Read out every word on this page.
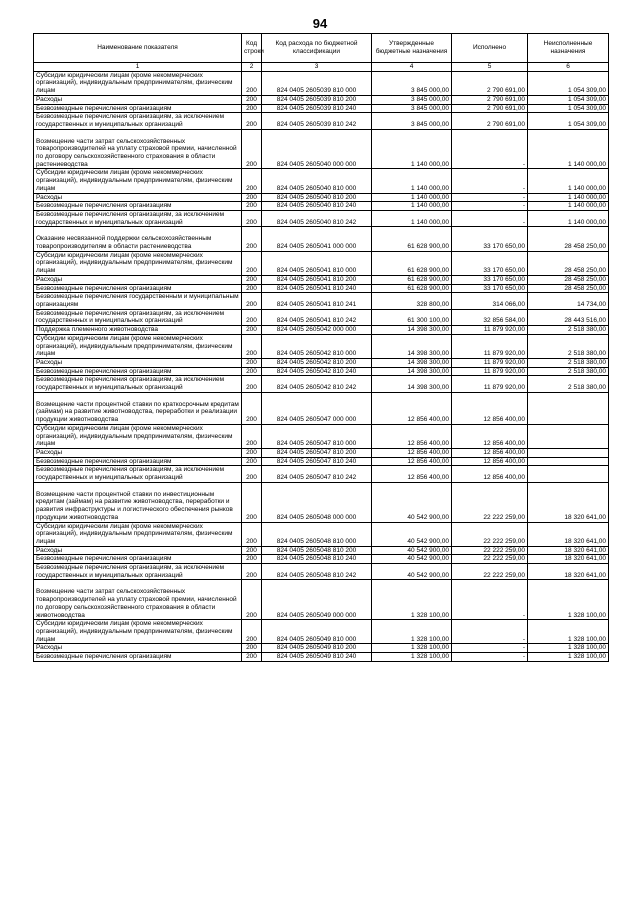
94
Наименование показателя	Код строки	Код расхода по бюджетной классификации	Утвержденные бюджетные назначения	Исполнено	Неисполненные назначения
1	2	3	4	5	6
Субсидии юридическим лицам (кроме некоммерческих организаций), индивидуальным предпринимателям, физическим лицам	200	824 0405 2605039 810 000	3 845 000,00	2 790 691,00	1 054 309,00
Расходы	200	824 0405 2605039 810 200	3 845 000,00	2 790 691,00	1 054 309,00
Безвозмездные перечисления организациям	200	824 0405 2605039 810 240	3 845 000,00	2 790 691,00	1 054 309,00
Безвозмездные перечисления организациям, за исключением государственных и муниципальных организаций	200	824 0405 2605039 810 242	3 845 000,00	2 790 691,00	1 054 309,00
Возмещение части затрат сельскохозяйственных товаропроизводителей на уплату страховой премии, начисленной по договору сельскохозяйственного страхования в области растениеводства	200	824 0405 2605040 000 000	1 140 000,00	-	1 140 000,00
Субсидии юридическим лицам (кроме некоммерческих организаций), индивидуальным предпринимателям, физическим лицам	200	824 0405 2605040 810 000	1 140 000,00	-	1 140 000,00
Расходы	200	824 0405 2605040 810 200	1 140 000,00	-	1 140 000,00
Безвозмездные перечисления организациям	200	824 0405 2605040 810 240	1 140 000,00	-	1 140 000,00
Безвозмездные перечисления организациям, за исключением государственных и муниципальных организаций	200	824 0405 2605040 810 242	1 140 000,00	-	1 140 000,00
Оказание несвязанной поддержки сельскохозяйственным товаропроизводителям в области растениеводства	200	824 0405 2605041 000 000	61 628 900,00	33 170 650,00	28 458 250,00
Субсидии юридическим лицам (кроме некоммерческих организаций), индивидуальным предпринимателям, физическим лицам	200	824 0405 2605041 810 000	61 628 900,00	33 170 650,00	28 458 250,00
Расходы	200	824 0405 2605041 810 200	61 628 900,00	33 170 650,00	28 458 250,00
Безвозмездные перечисления организациям	200	824 0405 2605041 810 240	61 628 900,00	33 170 650,00	28 458 250,00
Безвозмездные перечисления государственным и муниципальным организациям	200	824 0405 2605041 810 241	328 800,00	314 066,00	14 734,00
Безвозмездные перечисления организациям, за исключением государственных и муниципальных организаций	200	824 0405 2605041 810 242	61 300 100,00	32 856 584,00	28 443 516,00
Поддержка племенного животноводства	200	824 0405 2605042 000 000	14 398 300,00	11 879 920,00	2 518 380,00
Субсидии юридическим лицам (кроме некоммерческих организаций), индивидуальным предпринимателям, физическим лицам	200	824 0405 2605042 810 000	14 398 300,00	11 879 920,00	2 518 380,00
Расходы	200	824 0405 2605042 810 200	14 398 300,00	11 879 920,00	2 518 380,00
Безвозмездные перечисления организациям	200	824 0405 2605042 810 240	14 398 300,00	11 879 920,00	2 518 380,00
Безвозмездные перечисления организациям, за исключением государственных и муниципальных организаций	200	824 0405 2605042 810 242	14 398 300,00	11 879 920,00	2 518 380,00
Возмещение части процентной ставки по краткосрочным кредитам (займам) на развитие животноводства, переработки и реализации продукции животноводства	200	824 0405 2605047 000 000	12 856 400,00	12 856 400,00	
Субсидии юридическим лицам (кроме некоммерческих организаций), индивидуальным предпринимателям, физическим лицам	200	824 0405 2605047 810 000	12 856 400,00	12 856 400,00	
Расходы	200	824 0405 2605047 810 200	12 856 400,00	12 856 400,00	
Безвозмездные перечисления организациям	200	824 0405 2605047 810 240	12 856 400,00	12 856 400,00	
Безвозмездные перечисления организациям, за исключением государственных и муниципальных организаций	200	824 0405 2605047 810 242	12 856 400,00	12 856 400,00	
Возмещение части процентной ставки по инвестиционным кредитам (займам) на развитие животноводства, переработки и развития инфраструктуры и логистического обеспечения рынков продукции животноводства	200	824 0405 2605048 000 000	40 542 900,00	22 222 259,00	18 320 641,00
Субсидии юридическим лицам (кроме некоммерческих организаций), индивидуальным предпринимателям, физическим лицам	200	824 0405 2605048 810 000	40 542 900,00	22 222 259,00	18 320 641,00
Расходы	200	824 0405 2605048 810 200	40 542 900,00	22 222 259,00	18 320 641,00
Безвозмездные перечисления организациям	200	824 0405 2605048 810 240	40 542 900,00	22 222 259,00	18 320 641,00
Безвозмездные перечисления организациям, за исключением государственных и муниципальных организаций	200	824 0405 2605048 810 242	40 542 900,00	22 222 259,00	18 320 641,00
Возмещение части затрат сельскохозяйственных товаропроизводителей на уплату страховой премии, начисленной по договору сельскохозяйственного страхования в области животноводства	200	824 0405 2605049 000 000	1 328 100,00	-	1 328 100,00
Субсидии юридическим лицам (кроме некоммерческих организаций), индивидуальным предпринимателям, физическим лицам	200	824 0405 2605049 810 000	1 328 100,00	-	1 328 100,00
Расходы	200	824 0405 2605049 810 200	1 328 100,00	-	1 328 100,00
Безвозмездные перечисления организациям	200	824 0405 2605049 810 240	1 328 100,00	-	1 328 100,00
